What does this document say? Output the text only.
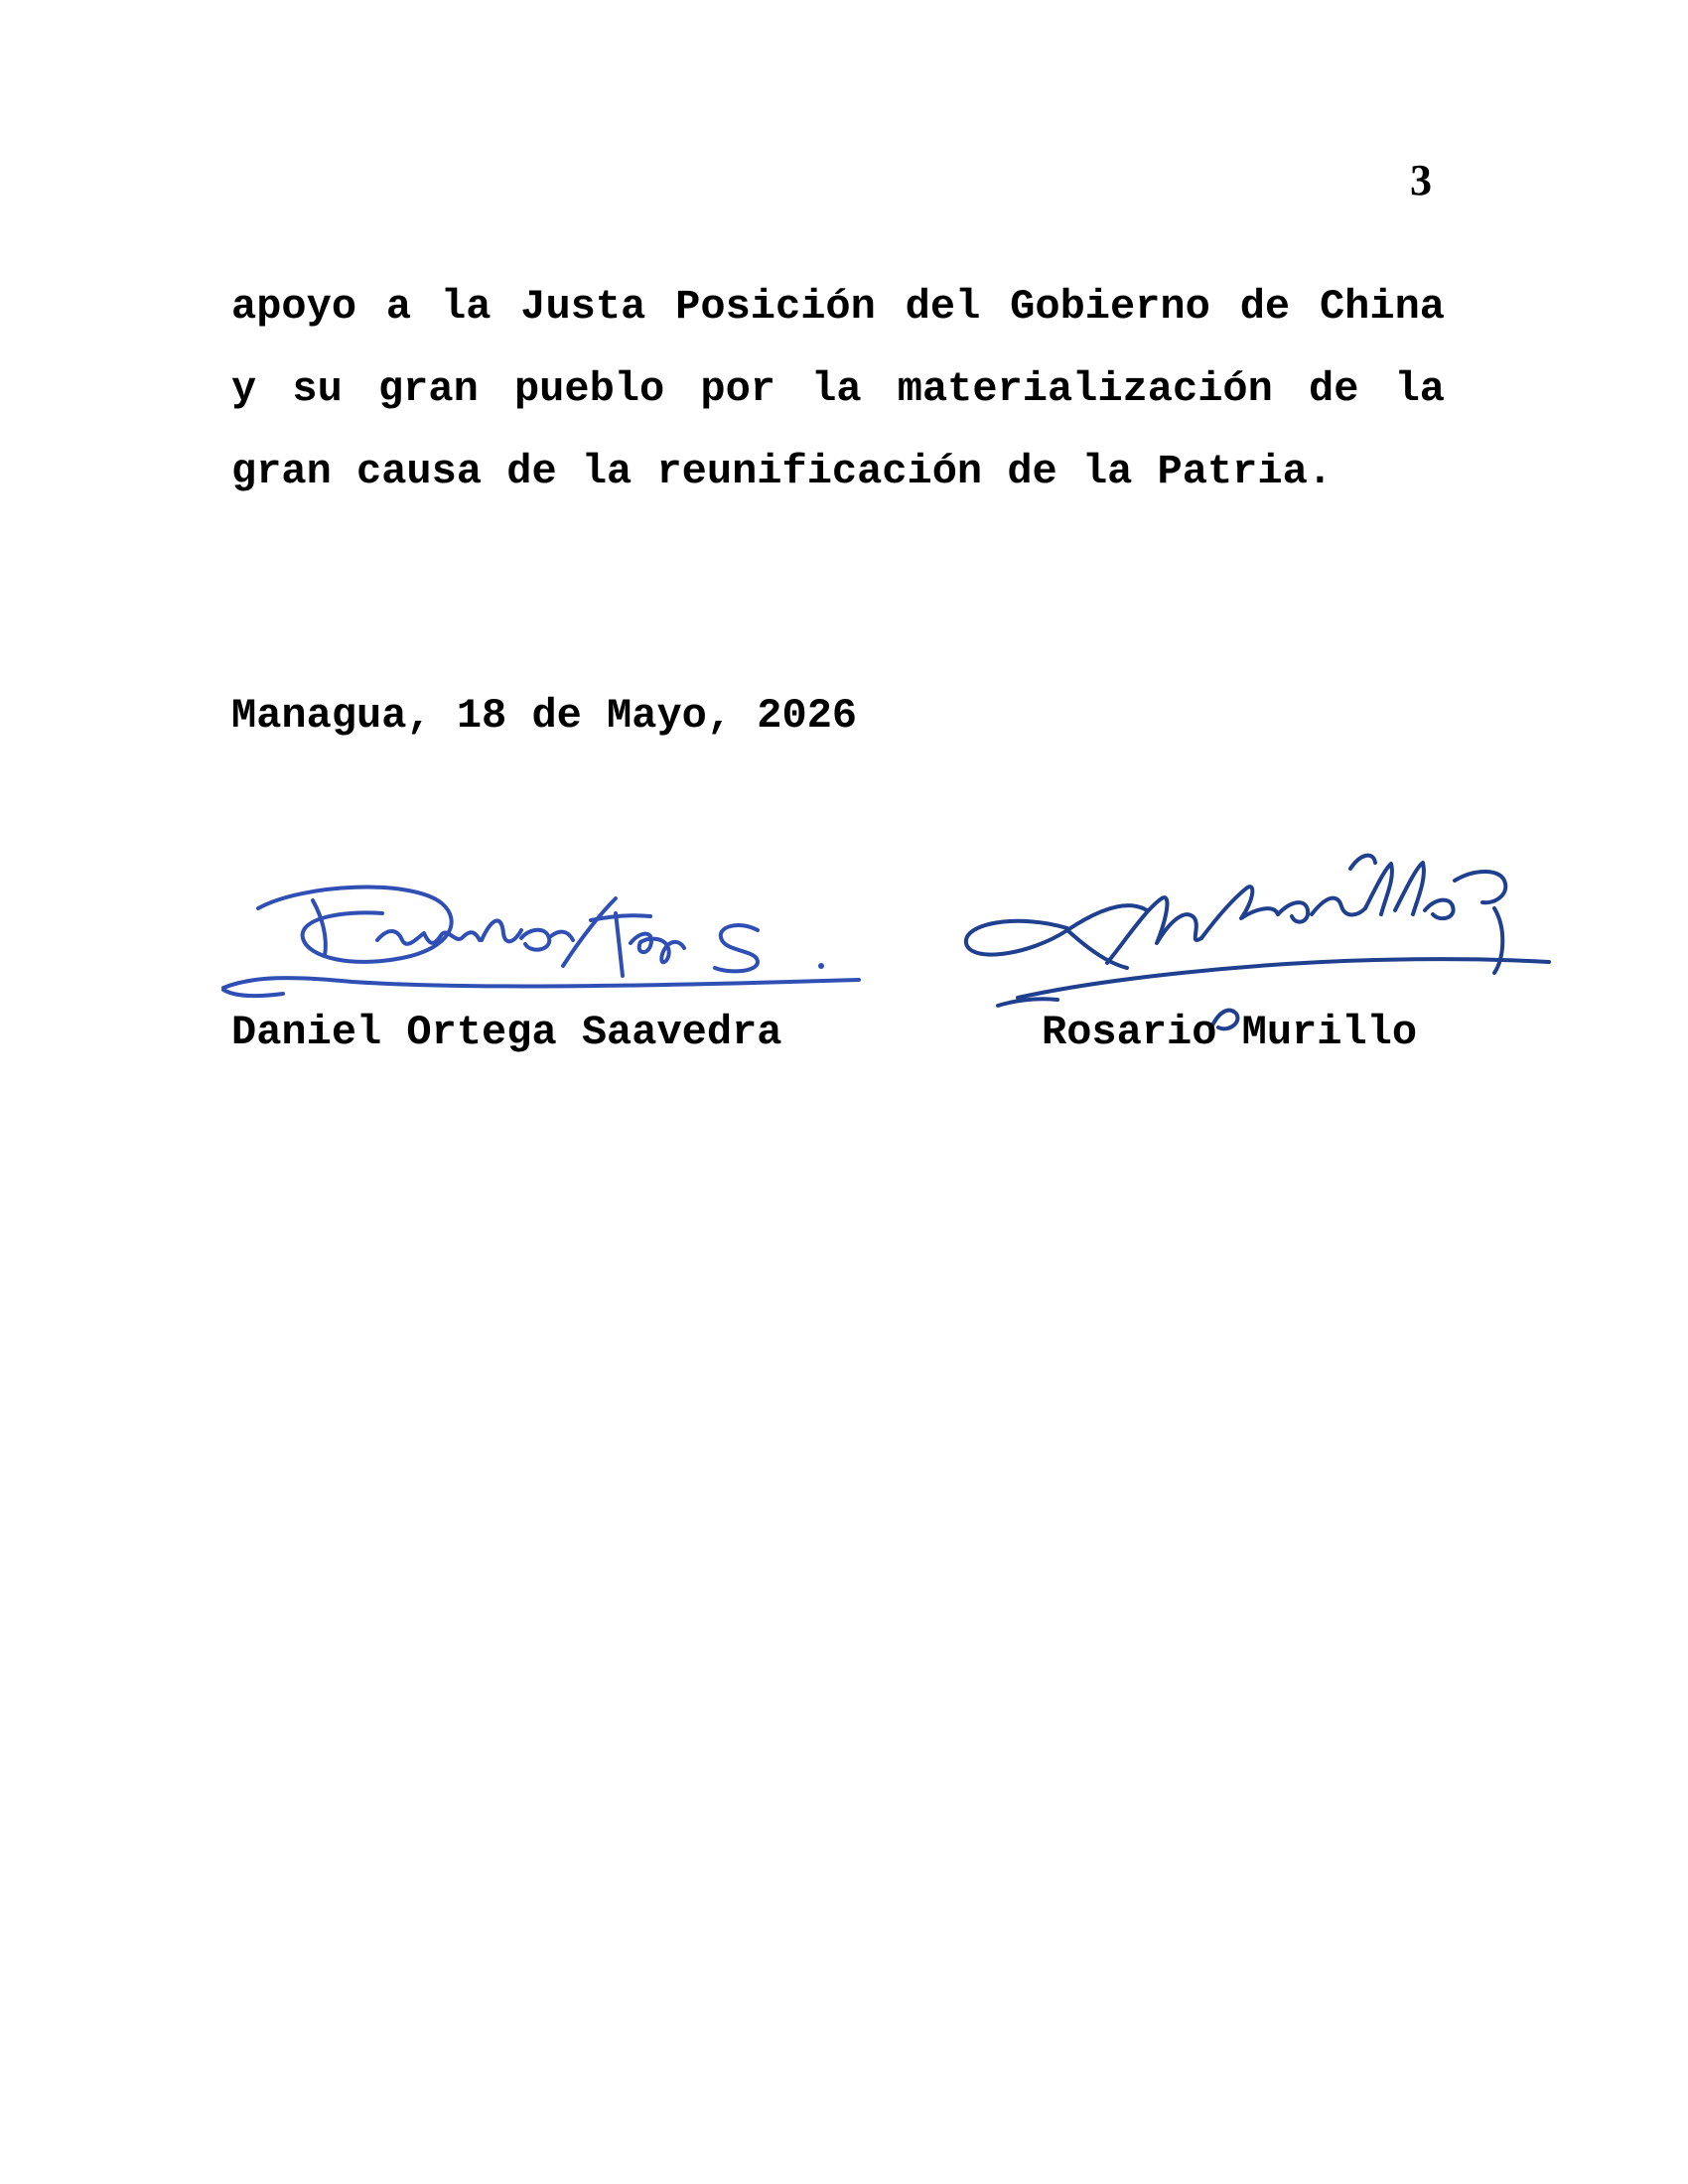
3

apoyo a la Justa Posición del Gobierno de China y su gran pueblo por la materialización de la gran causa de la reunificación de la Patria.

Managua, 18 de Mayo, 2026
Daniel Ortega Saavedra	Rosario Murillo
